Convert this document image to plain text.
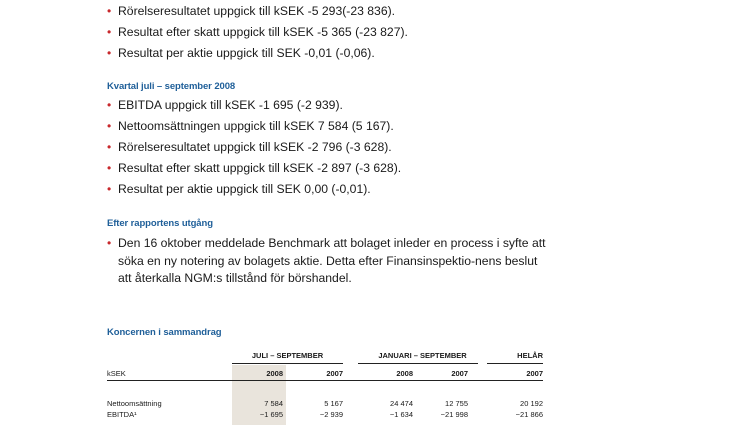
• Rörelseresultatet uppgick till kSEK -5 293(-23 836).
• Resultat efter skatt uppgick till kSEK -5 365 (-23 827).
• Resultat per aktie uppgick till SEK -0,01 (-0,06).
Kvartal juli – september 2008
• EBITDA uppgick till kSEK -1 695 (-2 939).
• Nettoomsättningen uppgick till kSEK 7 584 (5 167).
• Rörelseresultatet uppgick till kSEK -2 796 (-3 628).
• Resultat efter skatt uppgick till kSEK -2 897 (-3 628).
• Resultat per aktie uppgick till SEK 0,00 (-0,01).
Efter rapportens utgång
• Den 16 oktober meddelade Benchmark att bolaget inleder en process i syfte att söka en ny notering av bolagets aktie. Detta efter Finansinspektio-nens beslut att återkalla NGM:s tillstånd för börshandel.
Koncernen i sammandrag
JULI – SEPTEMBER	JANUARI – SEPTEMBER	HELÅR
kSEK	2008	2007	2008	2007	2007
Nettoomsättning	7 584	5 167	24 474	12 755	20 192
EBITDA¹	−1 695	−2 939	−1 634	−21 998	−21 866
